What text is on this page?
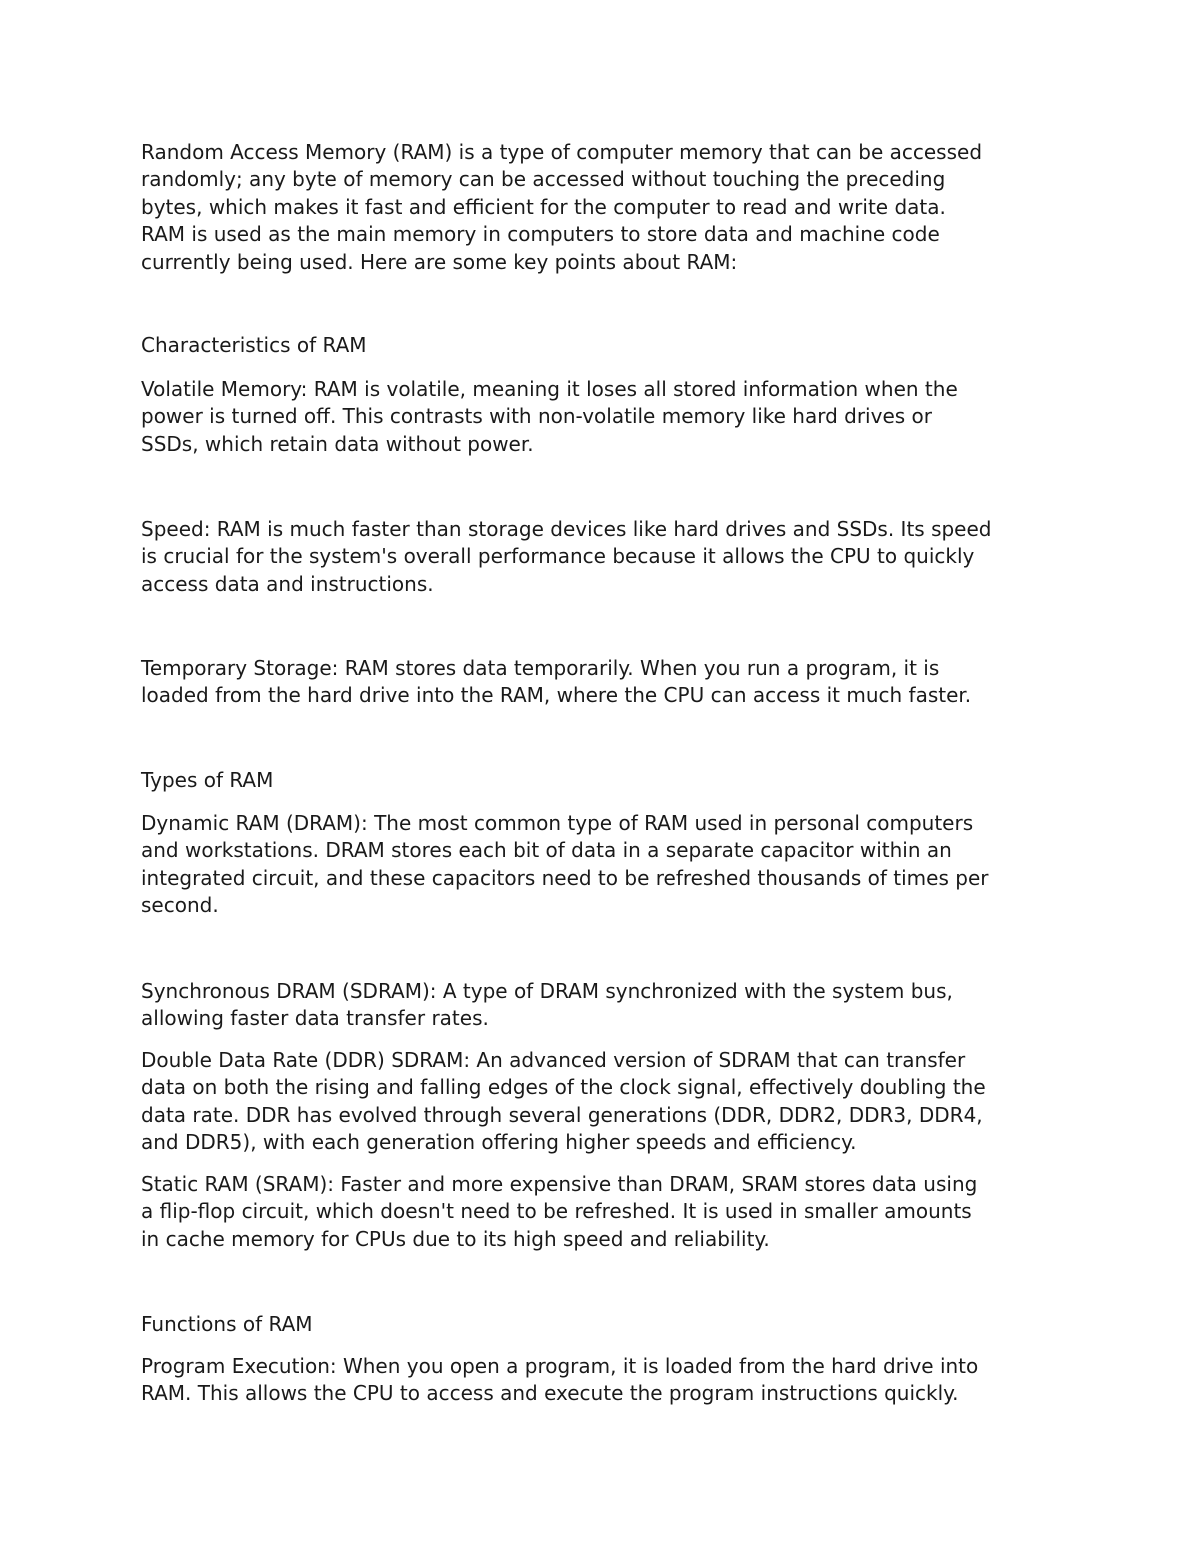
Random Access Memory (RAM) is a type of computer memory that can be accessed
randomly; any byte of memory can be accessed without touching the preceding
bytes, which makes it fast and efficient for the computer to read and write data.
RAM is used as the main memory in computers to store data and machine code
currently being used. Here are some key points about RAM:

Characteristics of RAM

Volatile Memory: RAM is volatile, meaning it loses all stored information when the
power is turned off. This contrasts with non-volatile memory like hard drives or
SSDs, which retain data without power.

Speed: RAM is much faster than storage devices like hard drives and SSDs. Its speed
is crucial for the system's overall performance because it allows the CPU to quickly
access data and instructions.

Temporary Storage: RAM stores data temporarily. When you run a program, it is
loaded from the hard drive into the RAM, where the CPU can access it much faster.

Types of RAM

Dynamic RAM (DRAM): The most common type of RAM used in personal computers
and workstations. DRAM stores each bit of data in a separate capacitor within an
integrated circuit, and these capacitors need to be refreshed thousands of times per
second.

Synchronous DRAM (SDRAM): A type of DRAM synchronized with the system bus,
allowing faster data transfer rates.

Double Data Rate (DDR) SDRAM: An advanced version of SDRAM that can transfer
data on both the rising and falling edges of the clock signal, effectively doubling the
data rate. DDR has evolved through several generations (DDR, DDR2, DDR3, DDR4,
and DDR5), with each generation offering higher speeds and efficiency.

Static RAM (SRAM): Faster and more expensive than DRAM, SRAM stores data using
a flip-flop circuit, which doesn't need to be refreshed. It is used in smaller amounts
in cache memory for CPUs due to its high speed and reliability.

Functions of RAM

Program Execution: When you open a program, it is loaded from the hard drive into
RAM. This allows the CPU to access and execute the program instructions quickly.
